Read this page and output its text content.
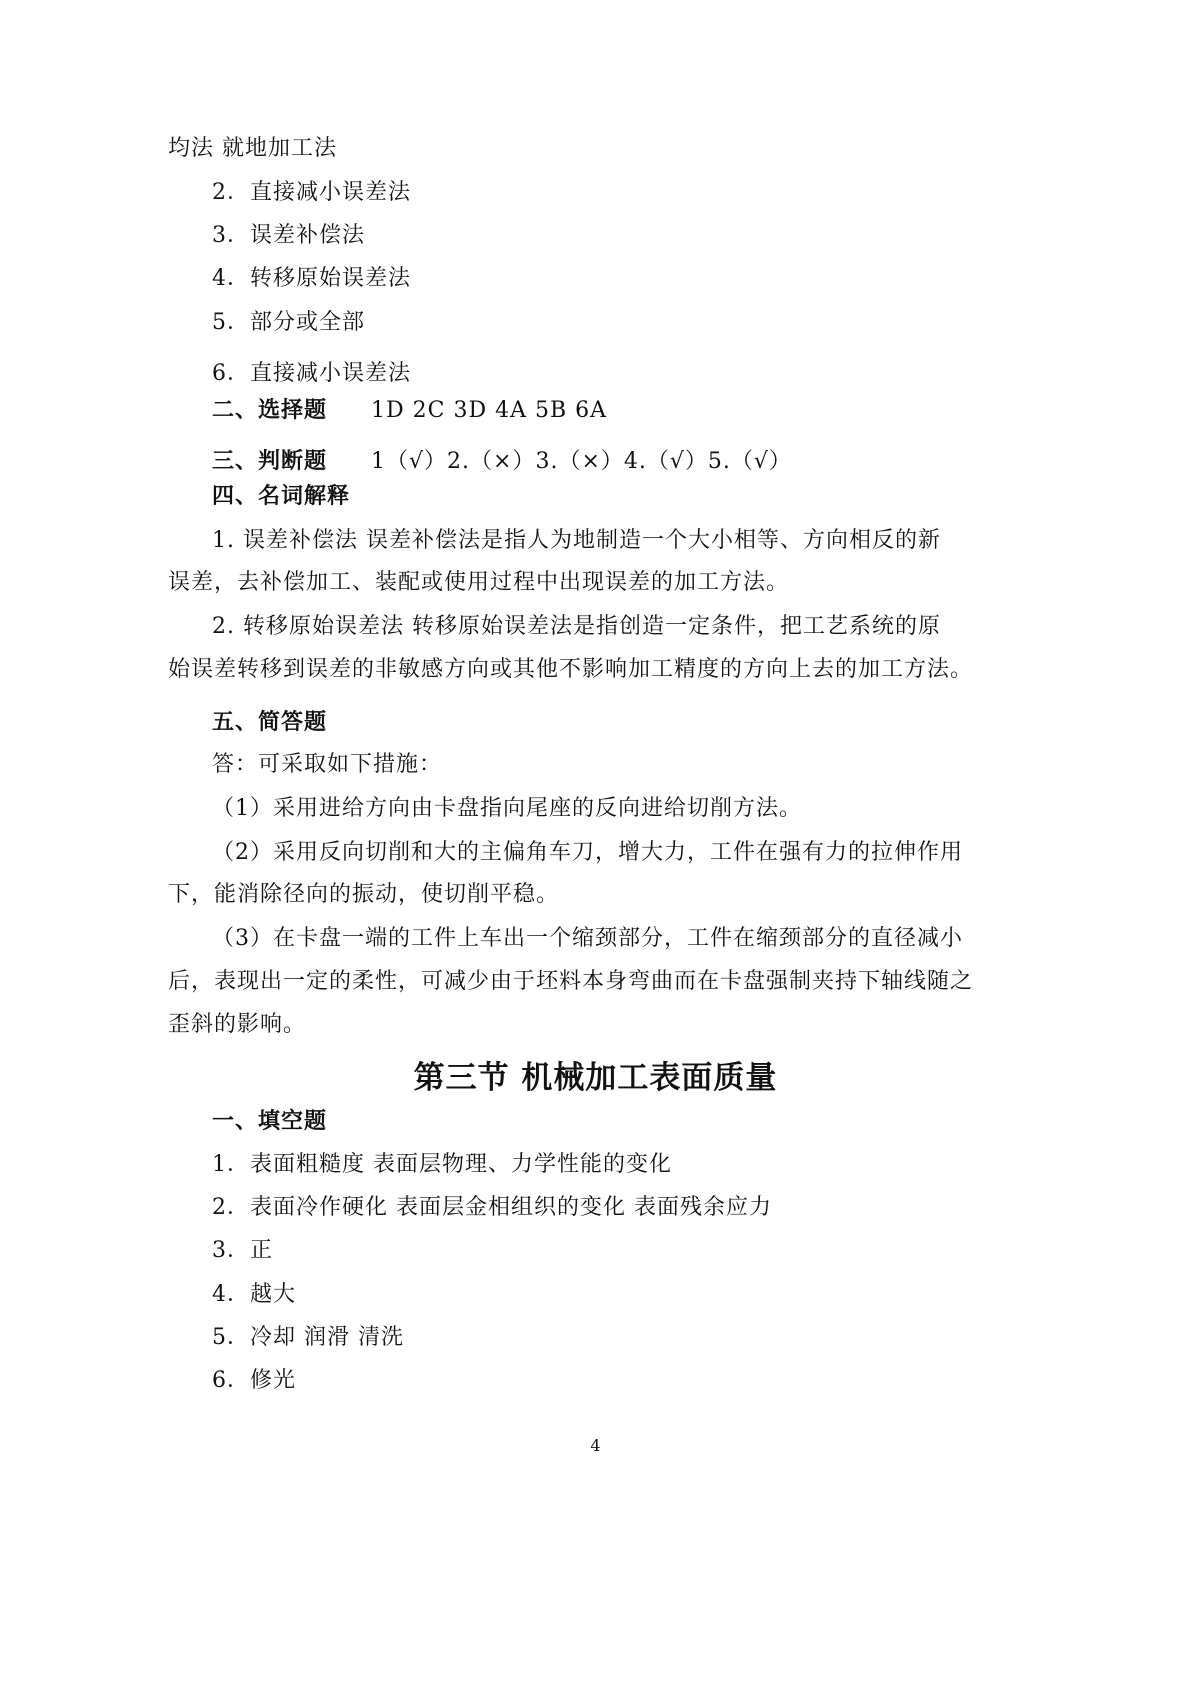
均法 就地加工法
2．直接减小误差法
3．误差补偿法
4．转移原始误差法
5．部分或全部
6．直接减小误差法
二、选择题 1D 2C 3D 4A 5B 6A
三、判断题 1（√）2.（×）3.（×）4.（√）5.（√）
四、名词解释
1. 误差补偿法 误差补偿法是指人为地制造一个大小相等、方向相反的新
误差，去补偿加工、装配或使用过程中出现误差的加工方法。
2. 转移原始误差法 转移原始误差法是指创造一定条件，把工艺系统的原
始误差转移到误差的非敏感方向或其他不影响加工精度的方向上去的加工方法。
五、简答题
答：可采取如下措施：
（1）采用进给方向由卡盘指向尾座的反向进给切削方法。
（2）采用反向切削和大的主偏角车刀，增大力，工件在强有力的拉伸作用
下，能消除径向的振动，使切削平稳。
（3）在卡盘一端的工件上车出一个缩颈部分，工件在缩颈部分的直径减小
后，表现出一定的柔性，可减少由于坯料本身弯曲而在卡盘强制夹持下轴线随之
歪斜的影响。
第三节 机械加工表面质量
一、填空题
1．表面粗糙度 表面层物理、力学性能的变化
2．表面冷作硬化 表面层金相组织的变化 表面残余应力
3．正
4．越大
5．冷却 润滑 清洗
6．修光
4
